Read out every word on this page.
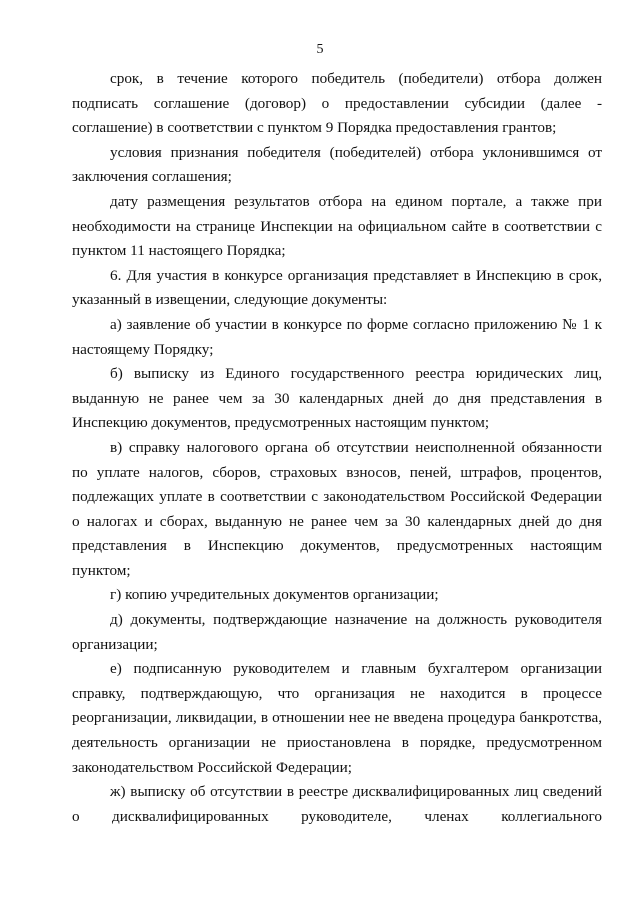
5

срок, в течение которого победитель (победители) отбора должен
подписать соглашение (договор) о предоставлении субсидии (далее -
соглашение) в соответствии с пунктом 9 Порядка предоставления грантов;

условия признания победителя (победителей) отбора уклонившимся от
заключения соглашения;

дату размещения результатов отбора на едином портале, а также при
необходимости на странице Инспекции на официальном сайте в соответствии с
пунктом 11 настоящего Порядка;

6. Для участия в конкурсе организация представляет в Инспекцию в срок,
указанный в извещении, следующие документы:

а) заявление об участии в конкурсе по форме согласно приложению № 1 к
настоящему Порядку;

б) выписку из Единого государственного реестра юридических лиц,
выданную не ранее чем за 30 календарных дней до дня представления в
Инспекцию документов, предусмотренных настоящим пунктом;

в) справку налогового органа об отсутствии неисполненной обязанности
по уплате налогов, сборов, страховых взносов, пеней, штрафов, процентов,
подлежащих уплате в соответствии с законодательством Российской Федерации
о налогах и сборах, выданную не ранее чем за 30 календарных дней до дня
представления в Инспекцию документов, предусмотренных настоящим
пунктом;

г) копию учредительных документов организации;

д) документы, подтверждающие назначение на должность руководителя
организации;

е) подписанную руководителем и главным бухгалтером организации
справку, подтверждающую, что организация не находится в процессе
реорганизации, ликвидации, в отношении нее не введена процедура банкротства,
деятельность организации не приостановлена в порядке, предусмотренном
законодательством Российской Федерации;

ж) выписку об отсутствии в реестре дисквалифицированных лиц сведений
о дисквалифицированных руководителе, членах коллегиального
